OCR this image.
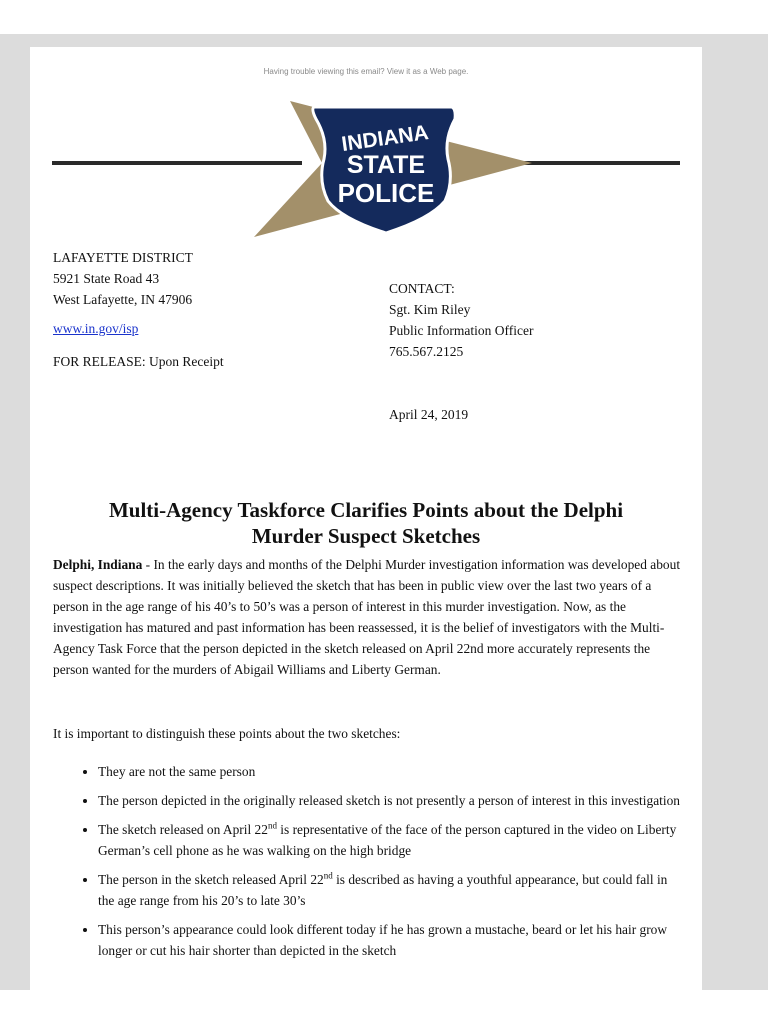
Having trouble viewing this email? View it as a Web page.
INDIANA
STATE
POLICE
LAFAYETTE DISTRICT
5921 State Road 43
West Lafayette, IN 47906
www.in.gov/isp
FOR RELEASE: Upon Receipt
CONTACT:
Sgt. Kim Riley
Public Information Officer
765.567.2125
April 24, 2019
Multi-Agency Taskforce Clarifies Points about the Delphi
Murder Suspect Sketches
Delphi, Indiana - In the early days and months of the Delphi Murder investigation information was developed about suspect descriptions. It was initially believed the sketch that has been in public view over the last two years of a person in the age range of his 40’s to 50’s was a person of interest in this murder investigation. Now, as the investigation has matured and past information has been reassessed, it is the belief of investigators with the Multi-Agency Task Force that the person depicted in the sketch released on April 22nd more accurately represents the person wanted for the murders of Abigail Williams and Liberty German.
It is important to distinguish these points about the two sketches:
• They are not the same person
• The person depicted in the originally released sketch is not presently a person of interest in this investigation
• The sketch released on April 22nd is representative of the face of the person captured in the video on Liberty German’s cell phone as he was walking on the high bridge
• The person in the sketch released April 22nd is described as having a youthful appearance, but could fall in the age range from his 20’s to late 30’s
• This person’s appearance could look different today if he has grown a mustache, beard or let his hair grow longer or cut his hair shorter than depicted in the sketch
